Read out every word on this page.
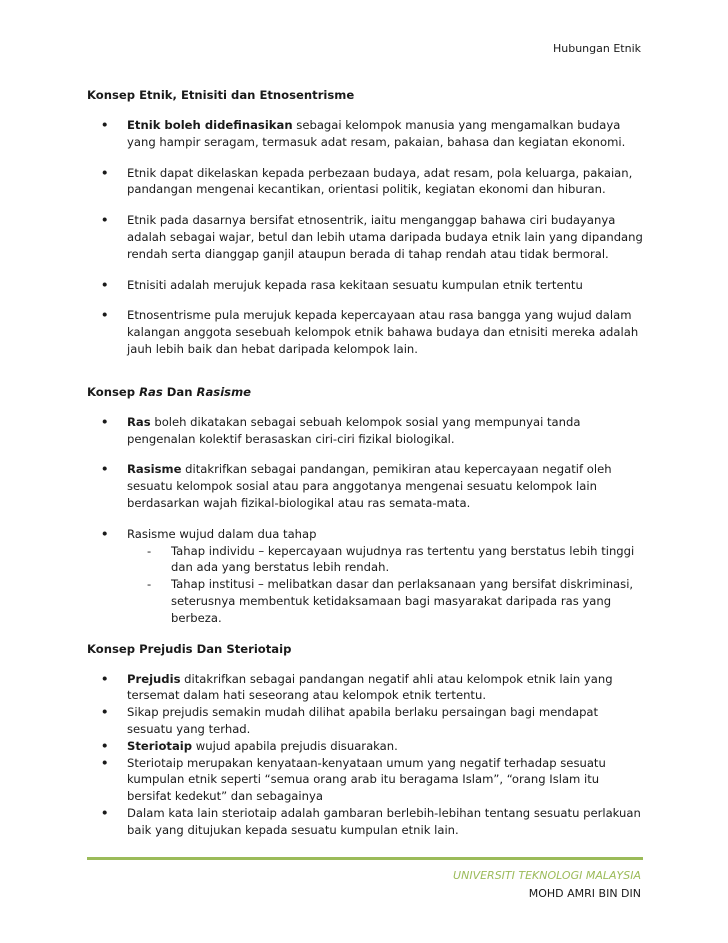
Hubungan Etnik

Konsep Etnik, Etnisiti dan Etnosentrisme

• Etnik boleh didefinasikan sebagai kelompok manusia yang mengamalkan budaya yang hampir seragam, termasuk adat resam, pakaian, bahasa dan kegiatan ekonomi.
• Etnik dapat dikelaskan kepada perbezaan budaya, adat resam, pola keluarga, pakaian, pandangan mengenai kecantikan, orientasi politik, kegiatan ekonomi dan hiburan.
• Etnik pada dasarnya bersifat etnosentrik, iaitu menganggap bahawa ciri budayanya adalah sebagai wajar, betul dan lebih utama daripada budaya etnik lain yang dipandang rendah serta dianggap ganjil ataupun berada di tahap rendah atau tidak bermoral.
• Etnisiti adalah merujuk kepada rasa kekitaan sesuatu kumpulan etnik tertentu
• Etnosentrisme pula merujuk kepada kepercayaan atau rasa bangga yang wujud dalam kalangan anggota sesebuah kelompok etnik bahawa budaya dan etnisiti mereka adalah jauh lebih baik dan hebat daripada kelompok lain.

Konsep Ras Dan Rasisme

• Ras boleh dikatakan sebagai sebuah kelompok sosial yang mempunyai tanda pengenalan kolektif berasaskan ciri-ciri fizikal biologikal.
• Rasisme ditakrifkan sebagai pandangan, pemikiran atau kepercayaan negatif oleh sesuatu kelompok sosial atau para anggotanya mengenai sesuatu kelompok lain berdasarkan wajah fizikal-biologikal atau ras semata-mata.
• Rasisme wujud dalam dua tahap
- Tahap individu – kepercayaan wujudnya ras tertentu yang berstatus lebih tinggi dan ada yang berstatus lebih rendah.
- Tahap institusi – melibatkan dasar dan perlaksanaan yang bersifat diskriminasi, seterusnya membentuk ketidaksamaan bagi masyarakat daripada ras yang berbeza.

Konsep Prejudis Dan Steriotaip

• Prejudis ditakrifkan sebagai pandangan negatif ahli atau kelompok etnik lain yang tersemat dalam hati seseorang atau kelompok etnik tertentu.
• Sikap prejudis semakin mudah dilihat apabila berlaku persaingan bagi mendapat sesuatu yang terhad.
• Steriotaip wujud apabila prejudis disuarakan.
• Steriotaip merupakan kenyataan-kenyataan umum yang negatif terhadap sesuatu kumpulan etnik seperti “semua orang arab itu beragama Islam”, “orang Islam itu bersifat kedekut” dan sebagainya
• Dalam kata lain steriotaip adalah gambaran berlebih-lebihan tentang sesuatu perlakuan baik yang ditujukan kepada sesuatu kumpulan etnik lain.
UNIVERSITI TEKNOLOGI MALAYSIA
MOHD AMRI BIN DIN
